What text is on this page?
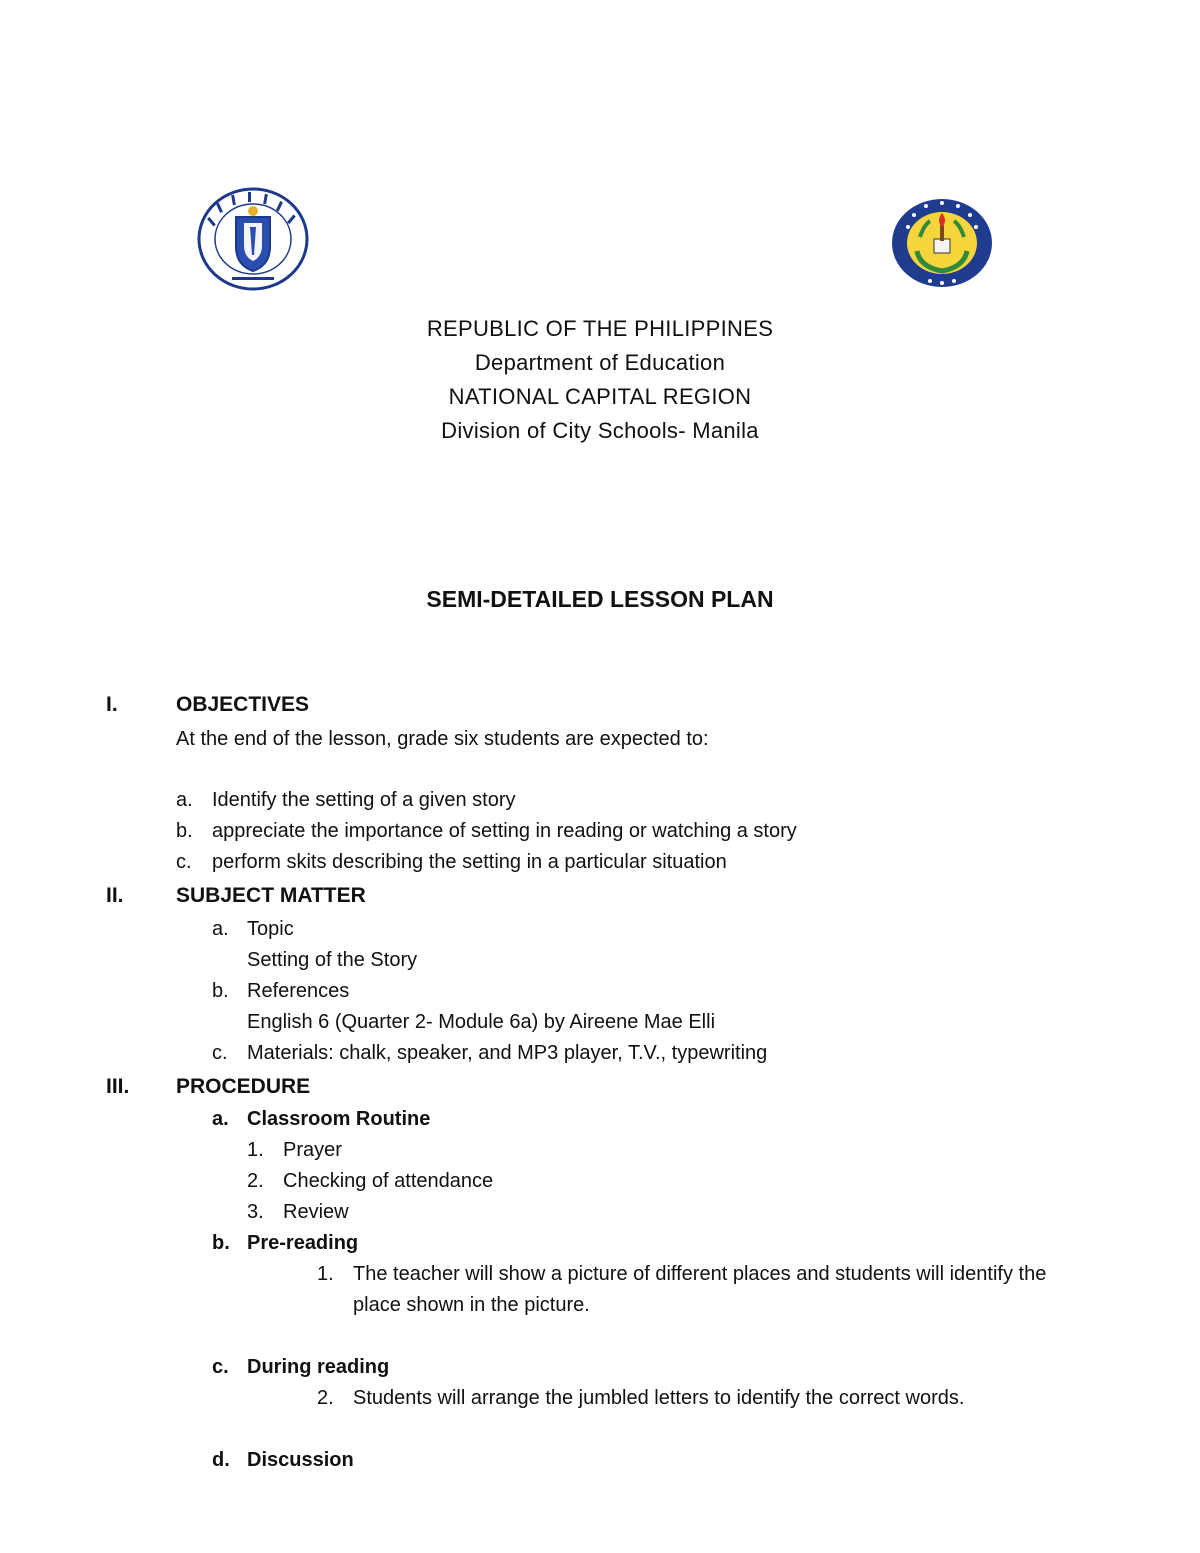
REPUBLIC OF THE PHILIPPINES
Department of Education
NATIONAL CAPITAL REGION
Division of City Schools- Manila
SEMI-DETAILED LESSON PLAN
I.	OBJECTIVES
At the end of the lesson, grade six students are expected to:
a. Identify the setting of a given story
b. appreciate the importance of setting in reading or watching a story
c. perform skits describing the setting in a particular situation
II. SUBJECT MATTER
a. Topic
Setting of the Story
b. References
English 6 (Quarter 2- Module 6a) by Aireene Mae Elli
c. Materials: chalk, speaker, and MP3 player, T.V., typewriting
III. PROCEDURE
a. Classroom Routine
1. Prayer
2. Checking of attendance
3. Review
b. Pre-reading
1. The teacher will show a picture of different places and students will identify the
place shown in the picture.
c. During reading
2. Students will arrange the jumbled letters to identify the correct words.
d. Discussion
